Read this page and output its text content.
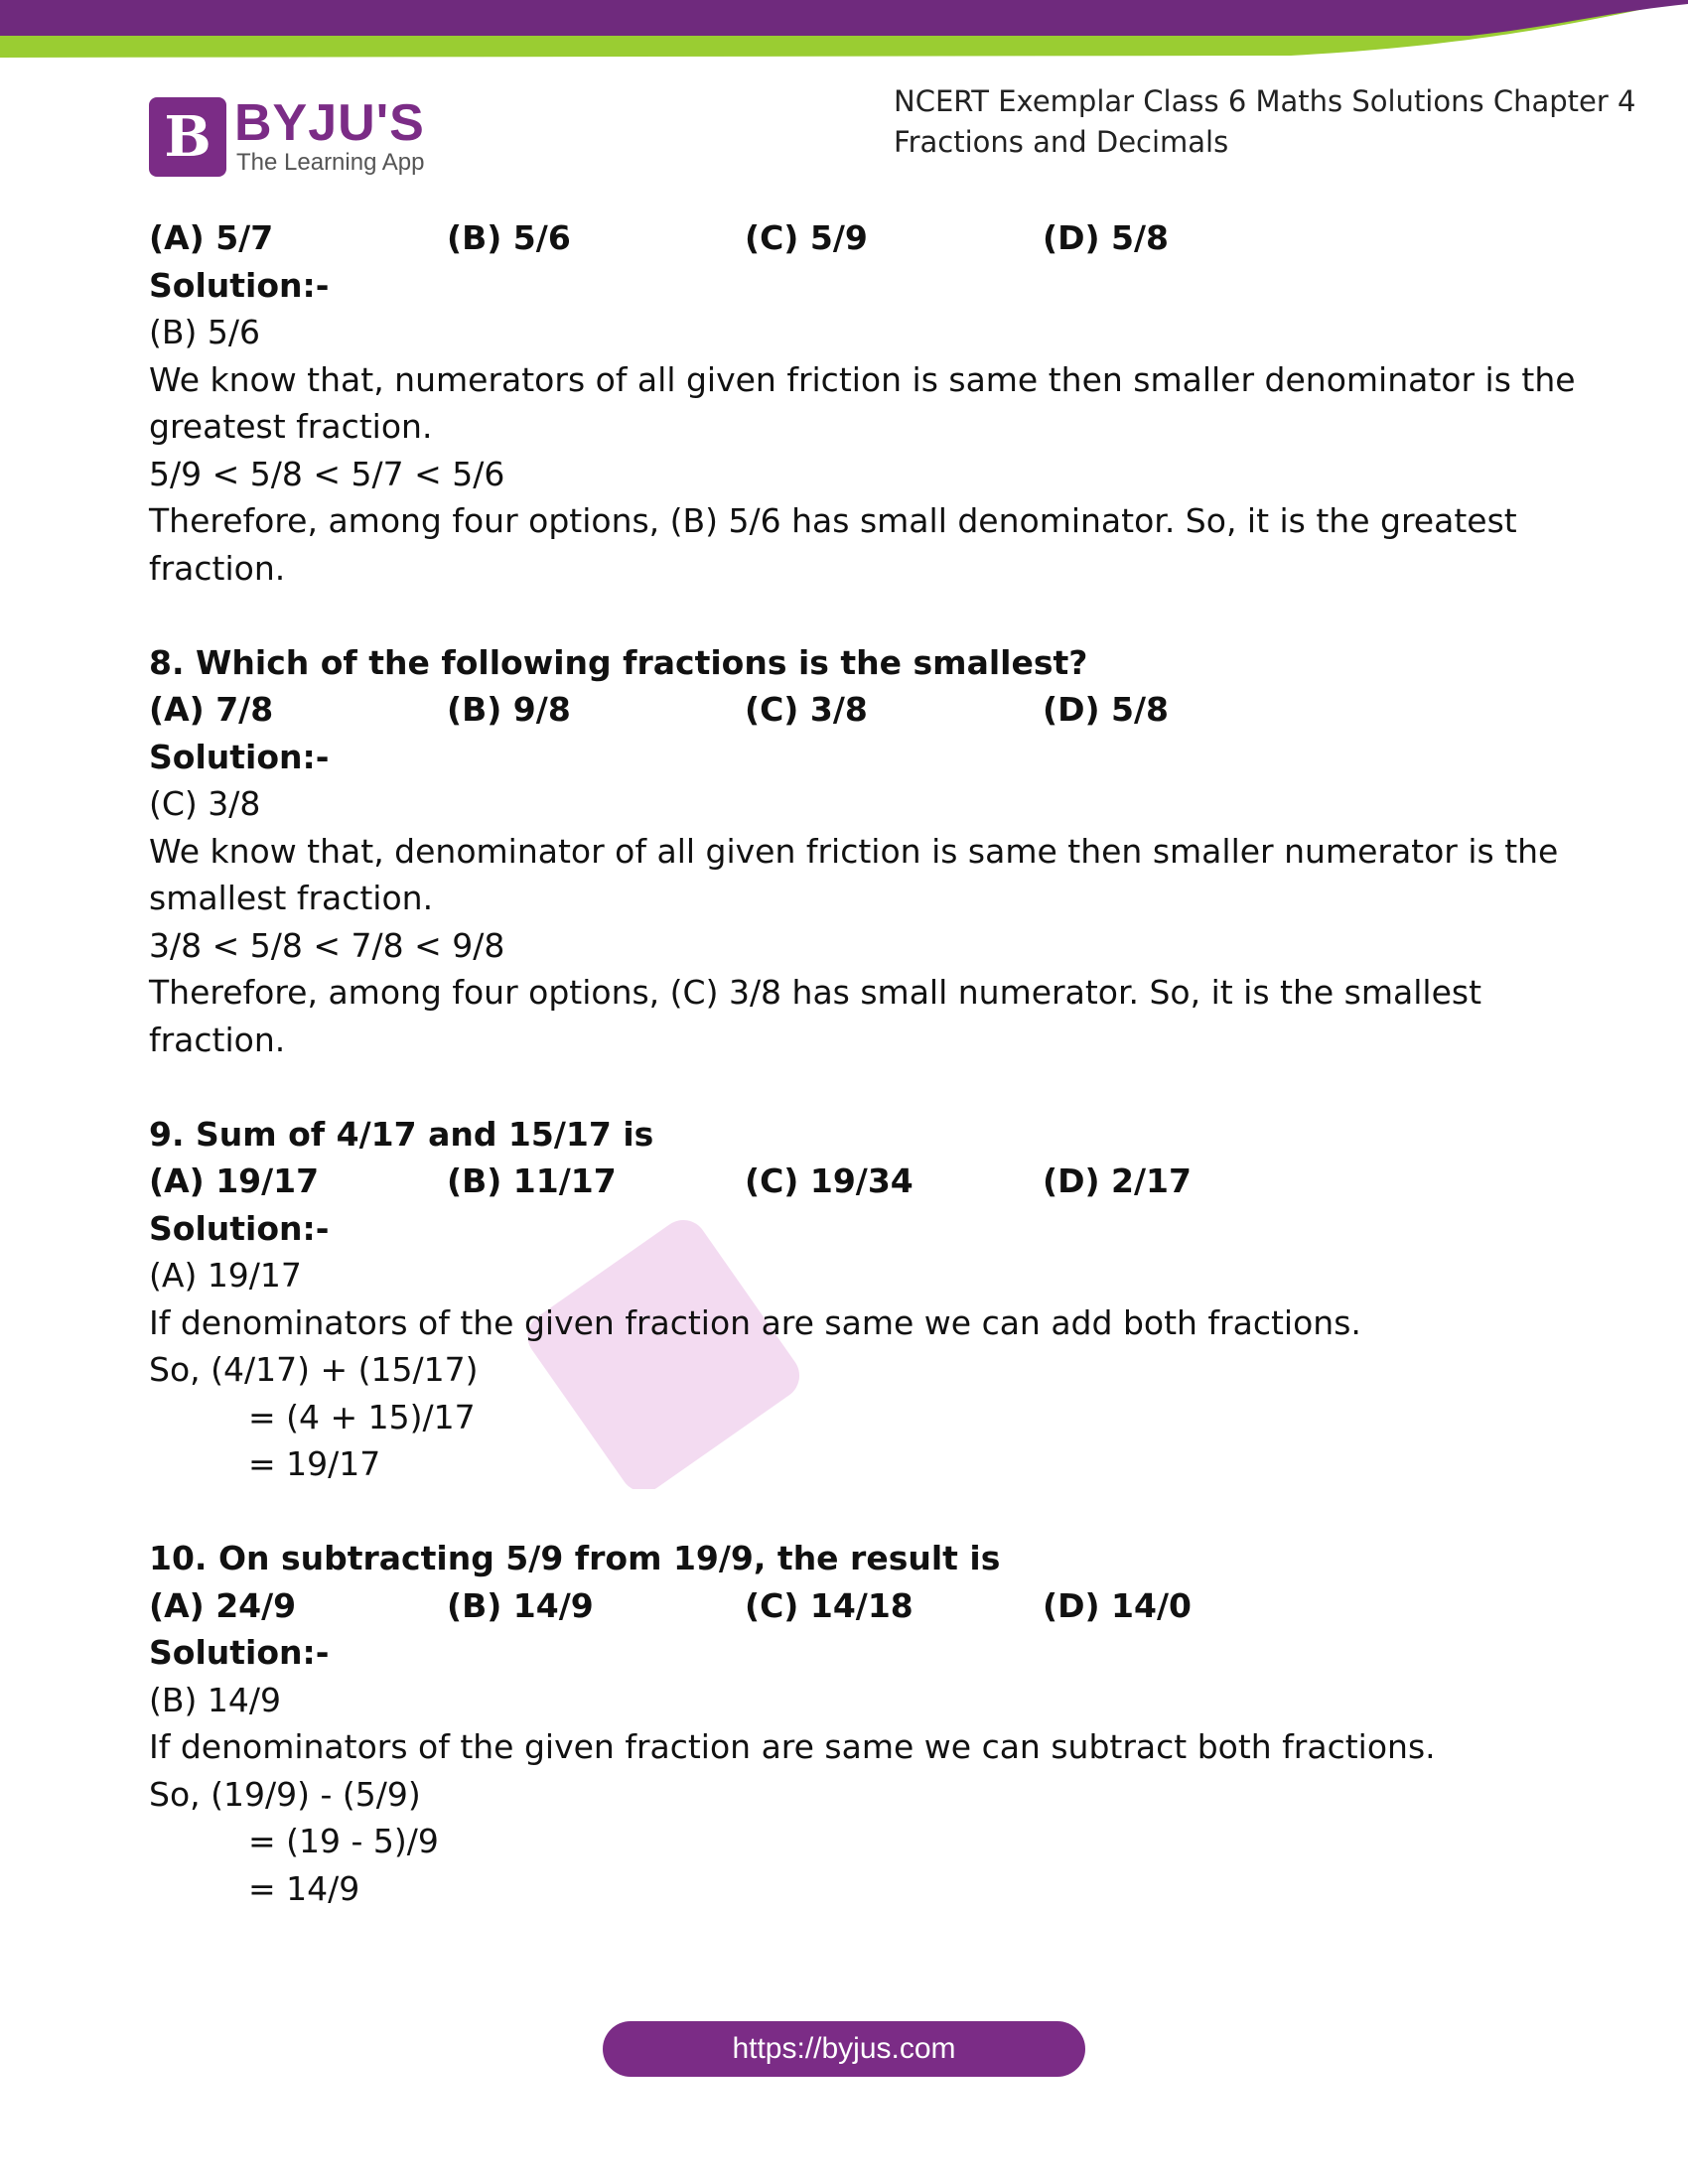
B BYJU'S
The Learning App
NCERT Exemplar Class 6 Maths Solutions Chapter 4
Fractions and Decimals
(A) 5/7	(B) 5/6	(C) 5/9	(D) 5/8
Solution:-
(B) 5/6
We know that, numerators of all given friction is same then smaller denominator is the
greatest fraction.
5/9 < 5/8 < 5/7 < 5/6
Therefore, among four options, (B) 5/6 has small denominator. So, it is the greatest
fraction.
8. Which of the following fractions is the smallest?
(A) 7/8	(B) 9/8	(C) 3/8	(D) 5/8
Solution:-
(C) 3/8
We know that, denominator of all given friction is same then smaller numerator is the
smallest fraction.
3/8 < 5/8 < 7/8 < 9/8
Therefore, among four options, (C) 3/8 has small numerator. So, it is the smallest
fraction.
9. Sum of 4/17 and 15/17 is
(A) 19/17	(B) 11/17	(C) 19/34	(D) 2/17
Solution:-
(A) 19/17
If denominators of the given fraction are same we can add both fractions.
So, (4/17) + (15/17)
= (4 + 15)/17
= 19/17
10. On subtracting 5/9 from 19/9, the result is
(A) 24/9	(B) 14/9	(C) 14/18	(D) 14/0
Solution:-
(B) 14/9
If denominators of the given fraction are same we can subtract both fractions.
So, (19/9) - (5/9)
= (19 - 5)/9
= 14/9
https://byjus.com
